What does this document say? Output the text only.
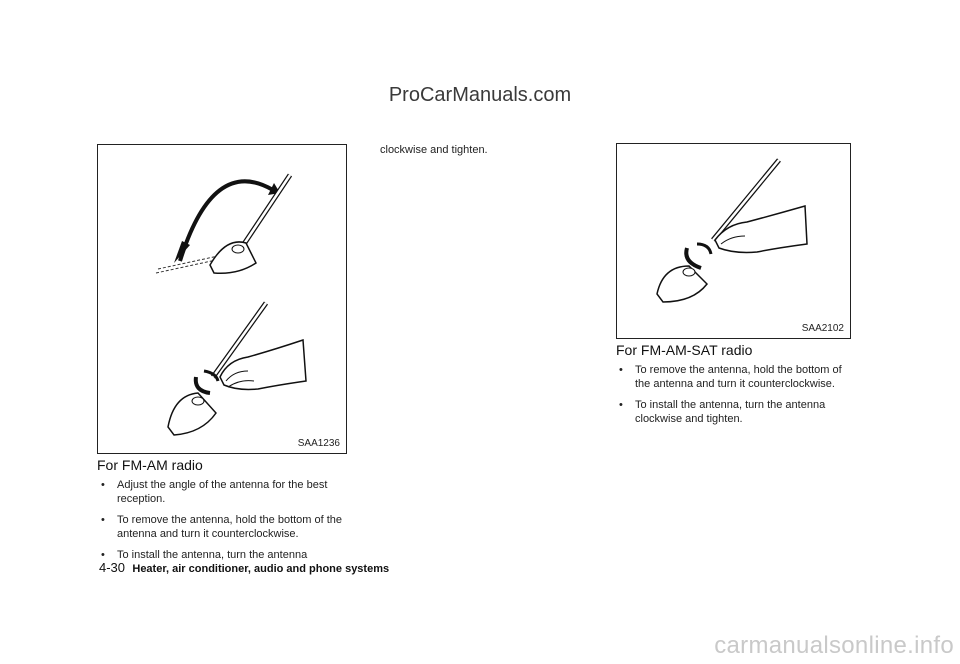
ProCarManuals.com
SAA1236
For FM-AM radio
• Adjust the angle of the antenna for the best reception.
• To remove the antenna, hold the bottom of the antenna and turn it counterclockwise.
• To install the antenna, turn the antenna
clockwise and tighten.
SAA2102
For FM-AM-SAT radio
• To remove the antenna, hold the bottom of the antenna and turn it counterclockwise.
• To install the antenna, turn the antenna clockwise and tighten.
4-30 Heater, air conditioner, audio and phone systems
carmanualsonline.info
